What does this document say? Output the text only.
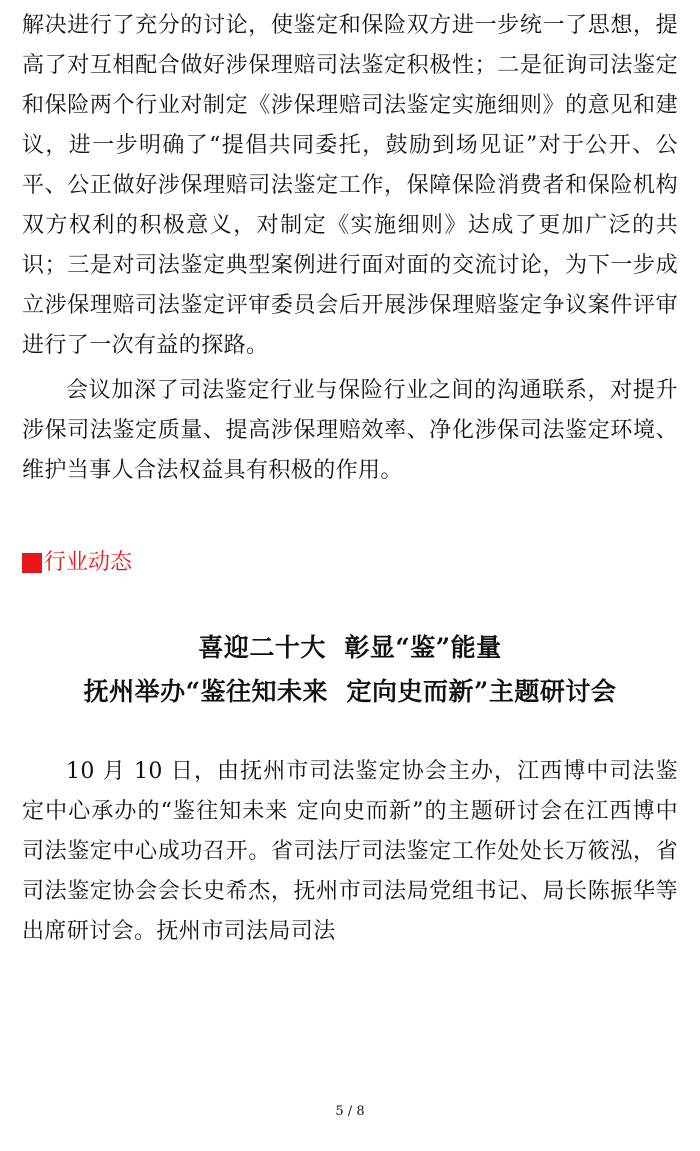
解决进行了充分的讨论，使鉴定和保险双方进一步统一了思想，提高了对互相配合做好涉保理赔司法鉴定积极性；二是征询司法鉴定和保险两个行业对制定《涉保理赔司法鉴定实施细则》的意见和建议，进一步明确了“提倡共同委托，鼓励到场见证”对于公开、公平、公正做好涉保理赔司法鉴定工作，保障保险消费者和保险机构双方权利的积极意义，对制定《实施细则》达成了更加广泛的共识；三是对司法鉴定典型案例进行面对面的交流讨论，为下一步成立涉保理赔司法鉴定评审委员会后开展涉保理赔鉴定争议案件评审进行了一次有益的探路。

会议加深了司法鉴定行业与保险行业之间的沟通联系，对提升涉保司法鉴定质量、提高涉保理赔效率、净化涉保司法鉴定环境、维护当事人合法权益具有积极的作用。

行业动态
喜迎二十大  彰显“鉴”能量
抚州举办“鉴往知未来  定向史而新”主题研讨会

10 月 10 日，由抚州市司法鉴定协会主办，江西博中司法鉴定中心承办的“鉴往知未来 定向史而新”的主题研讨会在江西博中司法鉴定中心成功召开。省司法厅司法鉴定工作处处长万筱泓，省司法鉴定协会会长史希杰，抚州市司法局党组书记、局长陈振华等出席研讨会。抚州市司法局司法

5 / 8
